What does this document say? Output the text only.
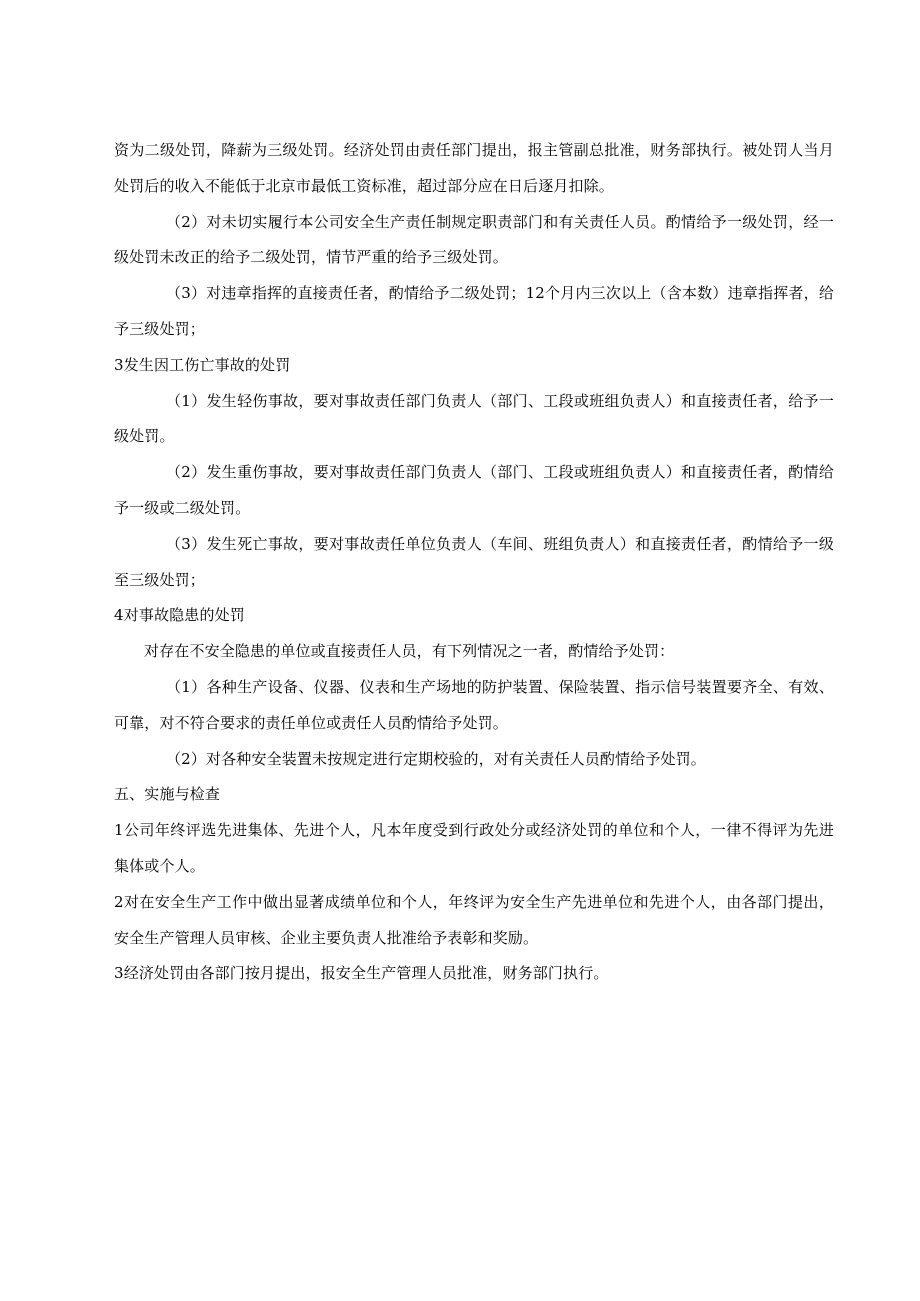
资为二级处罚，降薪为三级处罚。经济处罚由责任部门提出，报主管副总批准，财务部执行。被处罚人当月处罚后的收入不能低于北京市最低工资标准，超过部分应在日后逐月扣除。

（2）对未切实履行本公司安全生产责任制规定职责部门和有关责任人员。酌情给予一级处罚，经一级处罚未改正的给予二级处罚，情节严重的给予三级处罚。

（3）对违章指挥的直接责任者，酌情给予二级处罚；12个月内三次以上（含本数）违章指挥者，给予三级处罚；

3发生因工伤亡事故的处罚

（1）发生轻伤事故，要对事故责任部门负责人（部门、工段或班组负责人）和直接责任者，给予一级处罚。

（2）发生重伤事故，要对事故责任部门负责人（部门、工段或班组负责人）和直接责任者，酌情给予一级或二级处罚。

（3）发生死亡事故，要对事故责任单位负责人（车间、班组负责人）和直接责任者，酌情给予一级至三级处罚；

4对事故隐患的处罚

对存在不安全隐患的单位或直接责任人员，有下列情况之一者，酌情给予处罚：

（1）各种生产设备、仪器、仪表和生产场地的防护装置、保险装置、指示信号装置要齐全、有效、可靠，对不符合要求的责任单位或责任人员酌情给予处罚。

（2）对各种安全装置未按规定进行定期校验的，对有关责任人员酌情给予处罚。

五、实施与检查

1公司年终评选先进集体、先进个人，凡本年度受到行政处分或经济处罚的单位和个人，一律不得评为先进集体或个人。

2对在安全生产工作中做出显著成绩单位和个人，年终评为安全生产先进单位和先进个人，由各部门提出，安全生产管理人员审核、企业主要负责人批准给予表彰和奖励。

3经济处罚由各部门按月提出，报安全生产管理人员批准，财务部门执行。
